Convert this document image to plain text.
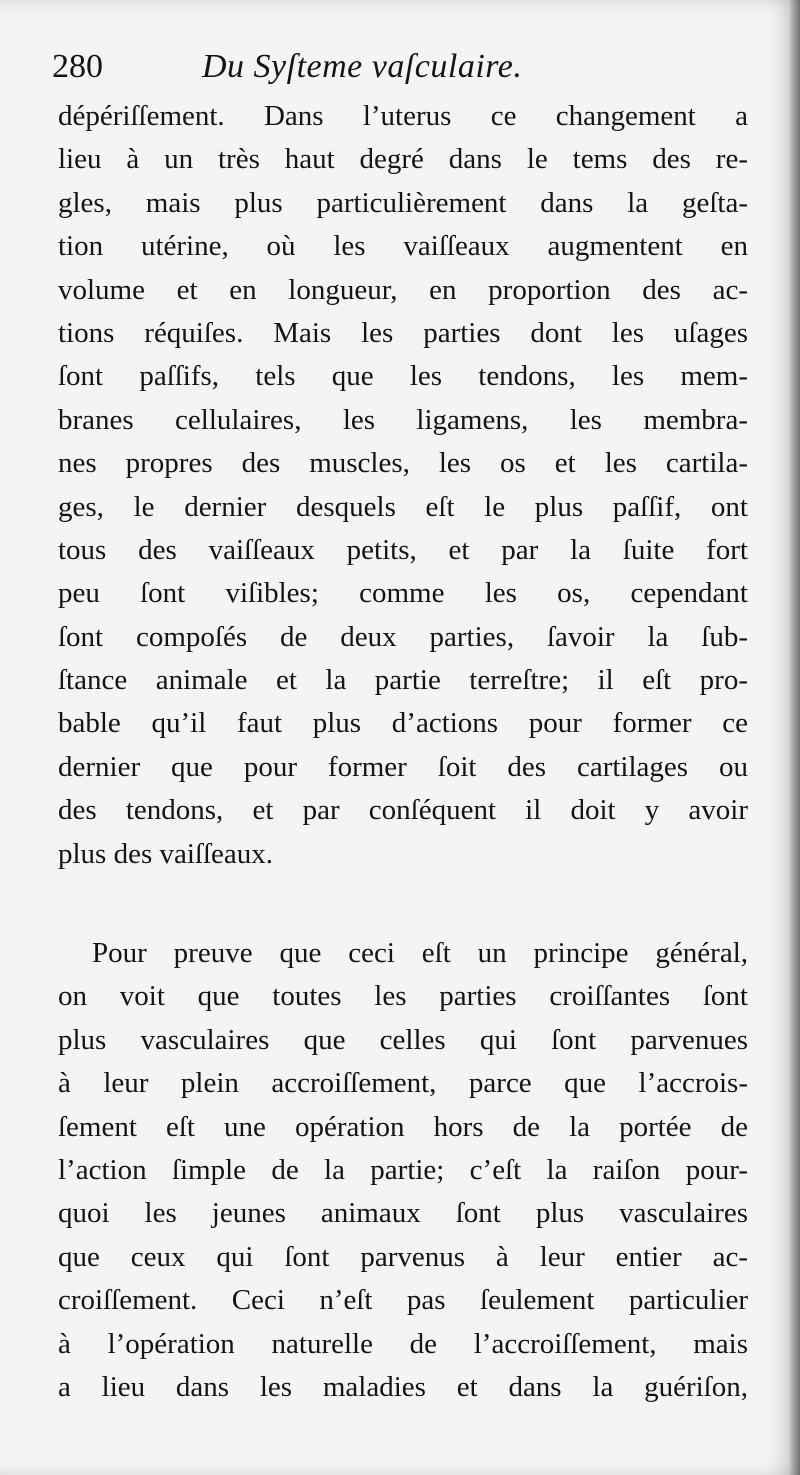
280	Du Syſteme vaſculaire.
dépériſſement. Dans l’uterus ce changement a
lieu à un très haut degré dans le tems des re-
gles, mais plus particulièrement dans la geſta-
tion utérine, où les vaiſſeaux augmentent en
volume et en longueur, en proportion des ac-
tions réquiſes. Mais les parties dont les uſages
ſont paſſifs, tels que les tendons, les mem-
branes cellulaires, les ligamens, les membra-
nes propres des muscles, les os et les cartila-
ges, le dernier desquels eſt le plus paſſif, ont
tous des vaiſſeaux petits, et par la ſuite fort
peu ſont viſibles; comme les os, cependant
ſont compoſés de deux parties, ſavoir la ſub-
ſtance animale et la partie terreſtre; il eſt pro-
bable qu’il faut plus d’actions pour former ce
dernier que pour former ſoit des cartilages ou
des tendons, et par conſéquent il doit y avoir
plus des vaiſſeaux.
Pour preuve que ceci eſt un principe général,
on voit que toutes les parties croiſſantes ſont
plus vasculaires que celles qui ſont parvenues
à leur plein accroiſſement, parce que l’accrois-
ſement eſt une opération hors de la portée de
l’action ſimple de la partie; c’eſt la raiſon pour-
quoi les jeunes animaux ſont plus vasculaires
que ceux qui ſont parvenus à leur entier ac-
croiſſement. Ceci n’eſt pas ſeulement particulier
à l’opération naturelle de l’accroiſſement, mais
a lieu dans les maladies et dans la guériſon,
